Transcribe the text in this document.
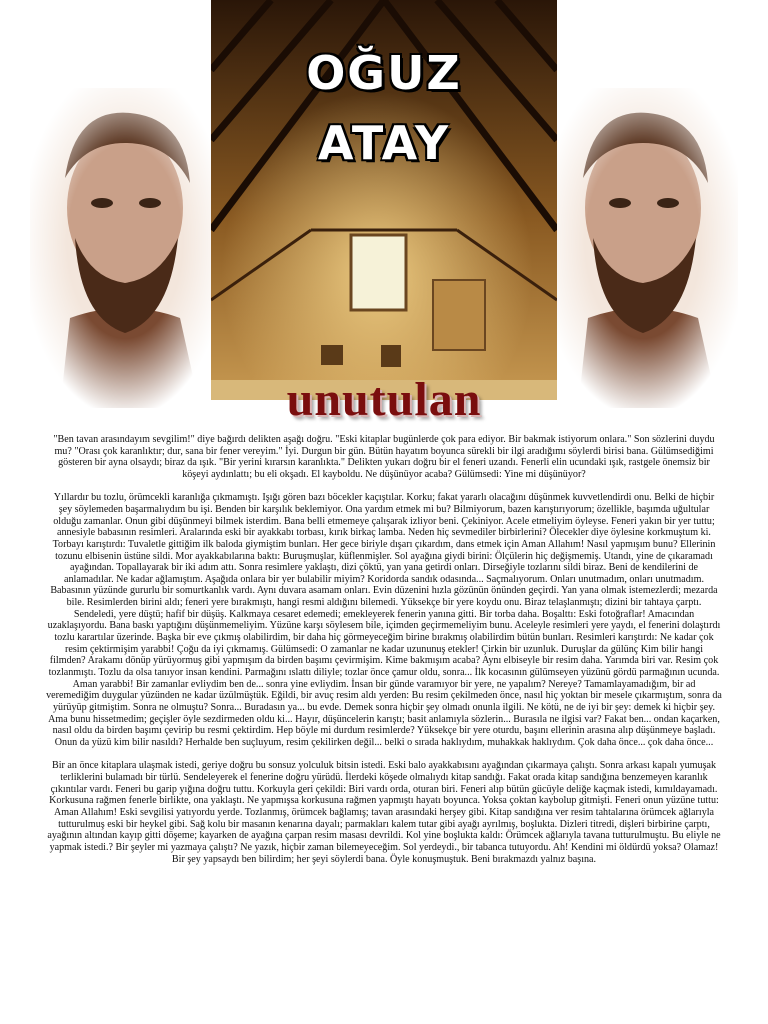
OĞUZ
ATAY
unutulan

"Ben tavan arasındayım sevgilim!" diye bağırdı delikten aşağı doğru. "Eski kitaplar bugünlerde çok para ediyor. Bir bakmak istiyorum onlara." Son sözlerini duydu mu? "Orası çok karanlıktır; dur, sana bir fener vereyim." İyi. Durgun bir gün. Bütün hayatım boyunca sürekli bir ilgi aradığımı söylerdi birisi bana. Gülümsediğimi gösteren bir ayna olsaydı; biraz da ışık. "Bir yerini kırarsın karanlıkta." Delikten yukarı doğru bir el feneri uzandı. Fenerli elin ucundaki ışık, rastgele önemsiz bir köşeyi aydınlattı; bu eli okşadı. El kayboldu. Ne düşünüyor acaba? Gülümsedi: Yine mi düşünüyor?

Yıllardır bu tozlu, örümcekli karanlığa çıkmamıştı. Işığı gören bazı böcekler kaçıştılar. Korku; fakat yararlı olacağını düşünmek kuvvetlendirdi onu. Belki de hiçbir şey söylemeden başarmalıydım bu işi. Benden bir karşılık beklemiyor. Ona yardım etmek mi bu? Bilmiyorum, bazen karıştırıyorum; özellikle, başımda uğultular olduğu zamanlar. Onun gibi düşünmeyi bilmek isterdim. Bana belli etmemeye çalışarak izliyor beni. Çekiniyor. Acele etmeliyim öyleyse. Feneri yakın bir yer tuttu; annesiyle babasının resimleri. Aralarında eski bir ayakkabı torbası, kırık birkaç lamba. Neden hiç sevmediler birbirlerini? Ölecekler diye öylesine korkmuştum ki. Torbayı karıştırdı: Tuvaletle gittiğim ilk baloda giymiştim bunları. Her gece biriyle dışarı çıkardım, dans etmek için Aman Allahım! Nasıl yapmışım bunu? Ellerinin tozunu elbisenin üstüne sildi. Mor ayakkabılarına baktı: Buruşmuşlar, küflenmişler. Sol ayağına giydi birini: Ölçülerin hiç değişmemiş. Utandı, yine de çıkaramadı ayağından. Topallayarak bir iki adım attı. Sonra resimlere yaklaştı, dizi çöktü, yan yana getirdi onları. Dirseğiyle tozlarını sildi biraz. Beni de kendilerini de anlamadılar. Ne kadar ağlamıştım. Aşağıda onlara bir yer bulabilir miyim? Koridorda sandık odasında... Saçmalıyorum. Onları unutmadım, onları unutmadım. Babasının yüzünde gururlu bir somurtkanlık vardı. Aynı duvara asamam onları. Evin düzenini hızla gözünün önünden geçirdi. Yan yana olmak istemezlerdi; mezarda bile. Resimlerden birini aldı; feneri yere bırakmıştı, hangi resmi aldığını bilemedi. Yüksekçe bir yere koydu onu. Biraz telaşlanmıştı; dizini bir tahtaya çarptı. Sendeledi, yere düştü; hafif bir düşüş. Kalkmaya cesaret edemedi; emekleyerek fenerin yanına gitti. Bir torba daha. Boşalttı: Eski fotoğraflar! Amacından uzaklaşıyordu. Bana baskı yaptığını düşünmemeliyim. Yüzüne karşı söylesem bile, içimden geçirmemeliyim bunu. Aceleyle resimleri yere yaydı, el fenerini dolaştırdı tozlu karartılar üzerinde. Başka bir eve çıkmış olabilirdim, bir daha hiç görmeyeceğim birine bırakmış olabilirdim bütün bunları. Resimleri karıştırdı: Ne kadar çok resim çektirmişim yarabbi! Çoğu da iyi çıkmamış. Gülümsedi: O zamanlar ne kadar uzununuş etekler! Çirkin bir uzunluk. Duruşlar da gülünç Kim bilir hangi filmden? Arakamı dönüp yürüyormuş gibi yapmışım da birden başımı çevirmişim. Kime bakmışım acaba? Aynı elbiseyle bir resim daha. Yarımda biri var. Resim çok tozlanmıştı. Tozlu da olsa tanıyor insan kendini. Parmağını ıslattı diliyle; tozlar önce çamur oldu, sonra... İlk kocasının gülümseyen yüzünü gördü parmağının ucunda. Aman yarabbi! Bir zamanlar evliydim ben de... sonra yine evliydim. İnsan bir günde varamıyor bir yere, ne yapalım? Nereye? Tamamlayamadığım, bir ad veremediğim duygular yüzünden ne kadar üzülmüştük. Eğildi, bir avuç resim aldı yerden: Bu resim çekilmeden önce, nasıl hiç yoktan bir mesele çıkarmıştım, sonra da yürüyüp gitmiştim. Sonra ne olmuştu? Sonra... Buradasın ya... bu evde. Demek sonra hiçbir şey olmadı onunla ilgili. Ne kötü, ne de iyi bir şey: demek ki hiçbir şey. Ama bunu hissetmedim; geçişler öyle sezdirmeden oldu ki... Hayır, düşüncelerin karıştı; basit anlamıyla sözlerin... Burasıla ne ilgisi var? Fakat ben... ondan kaçarken, nasıl oldu da birden başımı çevirip bu resmi çektirdim. Hep böyle mi durdum resimlerde? Yüksekçe bir yere oturdu, başını ellerinin arasına alıp düşünmeye başladı. Onun da yüzü kim bilir nasıldı? Herhalde ben suçluyum, resim çekilirken değil... belki o sırada haklıydım, muhakkak haklıydım. Çok daha önce... çok daha önce...

Bir an önce kitaplara ulaşmak istedi, geriye doğru bu sonsuz yolculuk bitsin istedi. Eski balo ayakkabısını ayağından çıkarmaya çalıştı. Sonra arkası kapalı yumuşak terliklerini bulamadı bir türlü. Sendeleyerek el fenerine doğru yürüdü. İlerdeki köşede olmalıydı kitap sandığı. Fakat orada kitap sandığına benzemeyen karanlık çıkıntılar vardı. Feneri bu garip yığına doğru tuttu. Korkuyla geri çekildi: Biri vardı orda, oturan biri. Feneri alıp bütün gücüyle deliğe kaçmak istedi, kımıldayamadı. Korkusuna rağmen fenerle birlikte, ona yaklaştı. Ne yapmışsa korkusuna rağmen yapmıştı hayatı boyunca. Yoksa çoktan kaybolup gitmişti. Feneri onun yüzüne tuttu: Aman Allahım! Eski sevgilisi yatıyordu yerde. Tozlanmış, örümcek bağlamış; tavan arasındaki herşey gibi. Kitap sandığına ver resim tahtalarına örümcek ağlarıyla tutturulmuş eski bir heykel gibi. Sağ kolu bir masanın kenarına dayalı; parmakları kalem tutar gibi ayağı ayrılmış, boşlukta. Dizleri titredi, dişleri birbirine çarptı, ayağının altından kayıp gitti döşeme; kayarken de ayağına çarpan resim masası devrildi. Kol yine boşlukta kaldı: Örümcek ağlarıyla tavana tutturulmuştu. Bu eliyle ne yapmak istedi.? Bir şeyler mi yazmaya çalıştı? Ne yazık, hiçbir zaman bilemeyeceğim. Sol yerdeydi., bir tabanca tutuyordu. Ah! Kendini mi öldürdü yoksa? Olamaz! Bir şey yapsaydı ben bilirdim; her şeyi söylerdi bana. Öyle konuşmuştuk. Beni bırakmazdı yalnız başına.
